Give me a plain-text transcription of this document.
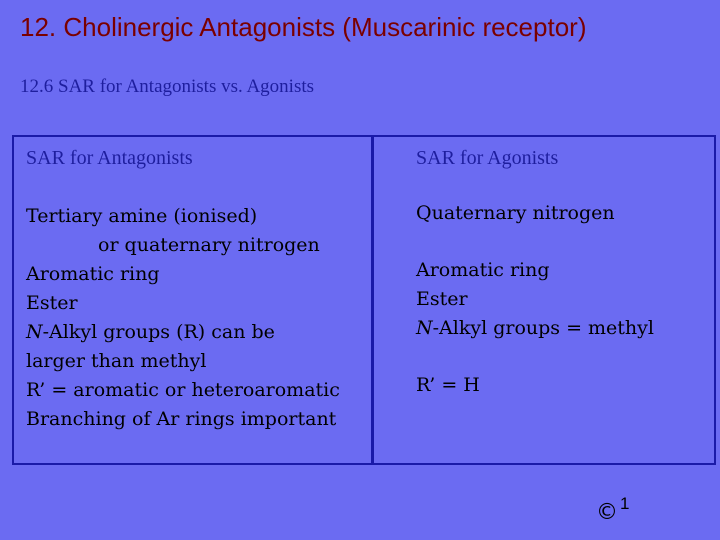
12. Cholinergic Antagonists (Muscarinic receptor)
12.6 SAR for Antagonists vs. Agonists
SAR for Antagonists
Tertiary amine (ionised)
or quaternary nitrogen
Aromatic ring
Ester
N-Alkyl groups (R) can be
larger than methyl
R’ = aromatic or heteroaromatic
Branching of Ar rings important
SAR for Agonists
Quaternary nitrogen
Aromatic ring
Ester
N-Alkyl groups = methyl
R’ = H
© 1
